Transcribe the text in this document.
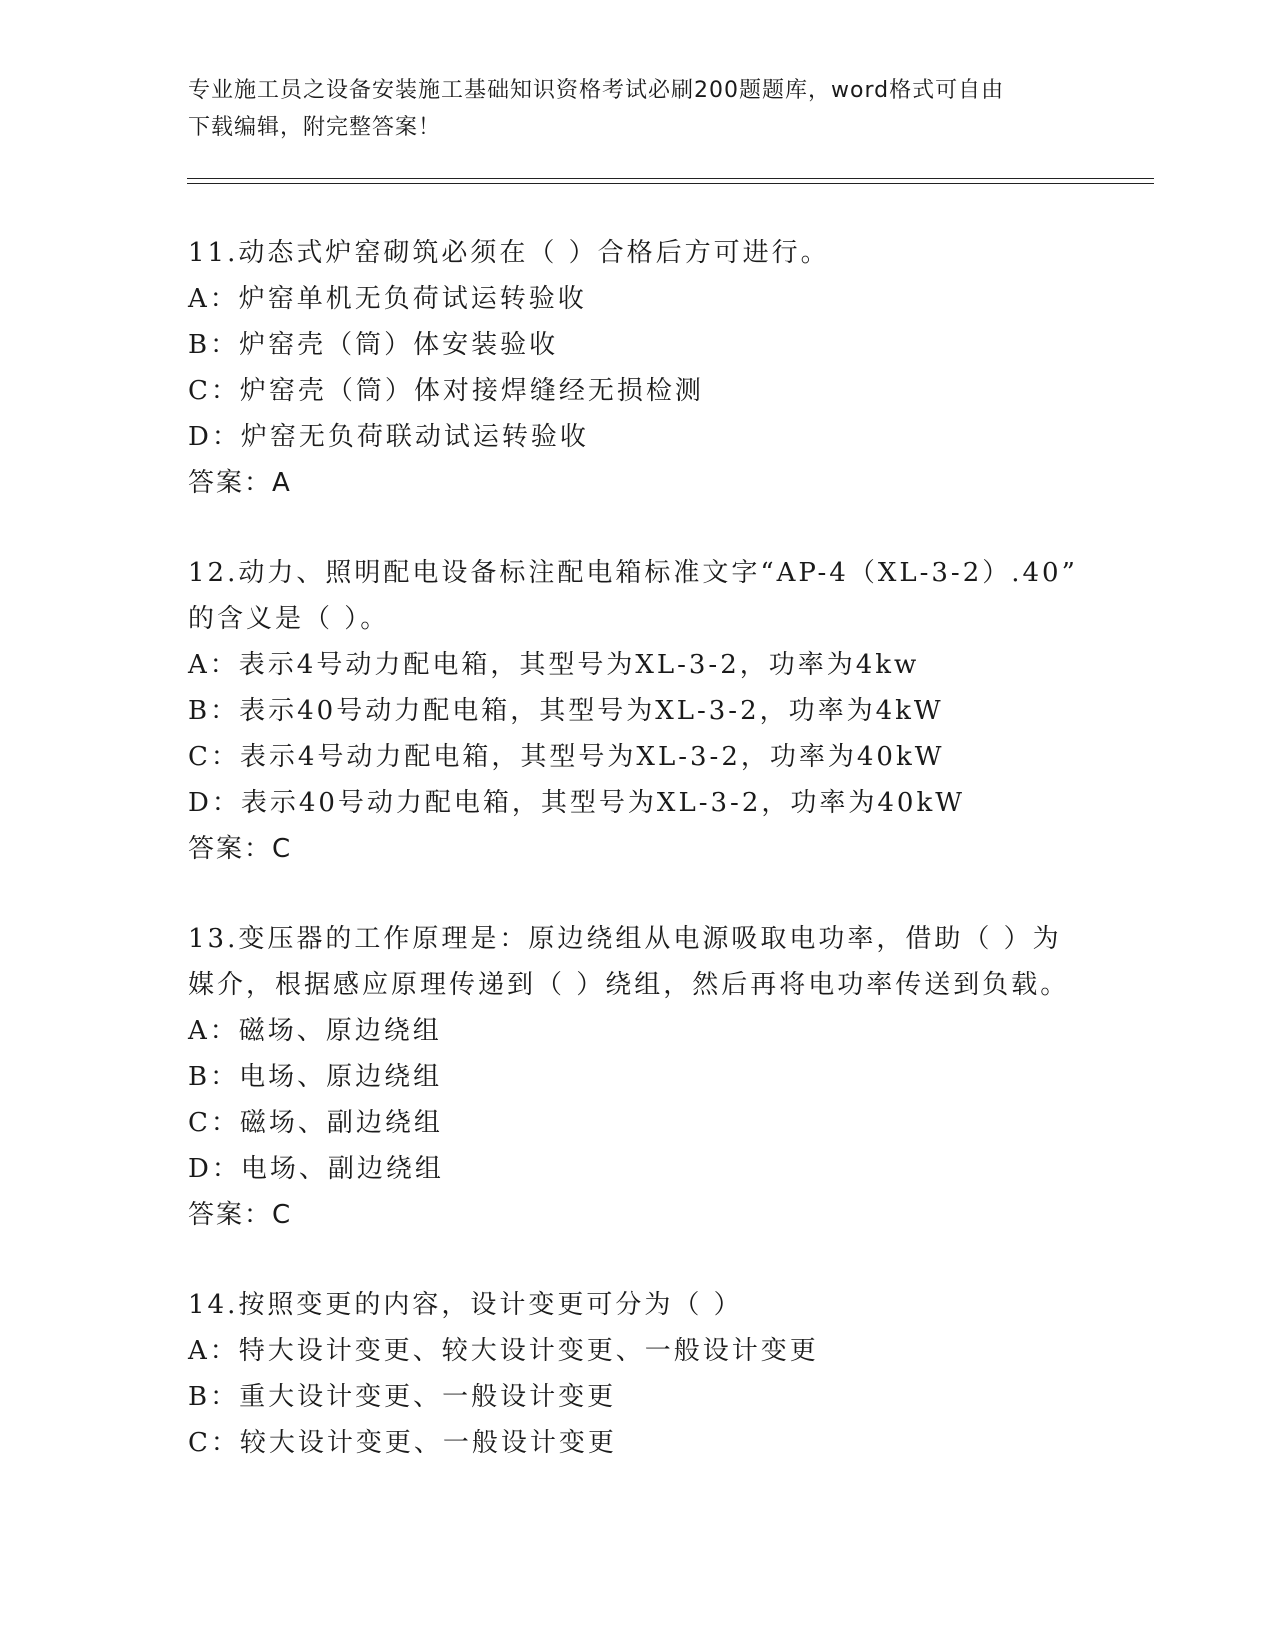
专业施工员之设备安装施工基础知识资格考试必刷200题题库，word格式可自由
下载编辑，附完整答案！
11.动态式炉窑砌筑必须在（ ）合格后方可进行。
A：炉窑单机无负荷试运转验收
B：炉窑壳（筒）体安装验收
C：炉窑壳（筒）体对接焊缝经无损检测
D：炉窑无负荷联动试运转验收
答案：A
12.动力、照明配电设备标注配电箱标准文字“AP-4（XL-3-2）.40”
的含义是（ ）。
A：表示4号动力配电箱，其型号为XL-3-2，功率为4kw
B：表示40号动力配电箱，其型号为XL-3-2，功率为4kW
C：表示4号动力配电箱，其型号为XL-3-2，功率为40kW
D：表示40号动力配电箱，其型号为XL-3-2，功率为40kW
答案：C
13.变压器的工作原理是：原边绕组从电源吸取电功率，借助（ ）为
媒介，根据感应原理传递到（ ）绕组，然后再将电功率传送到负载。
A：磁场、原边绕组
B：电场、原边绕组
C：磁场、副边绕组
D：电场、副边绕组
答案：C
14.按照变更的内容，设计变更可分为（ ）
A：特大设计变更、较大设计变更、一般设计变更
B：重大设计变更、一般设计变更
C：较大设计变更、一般设计变更
